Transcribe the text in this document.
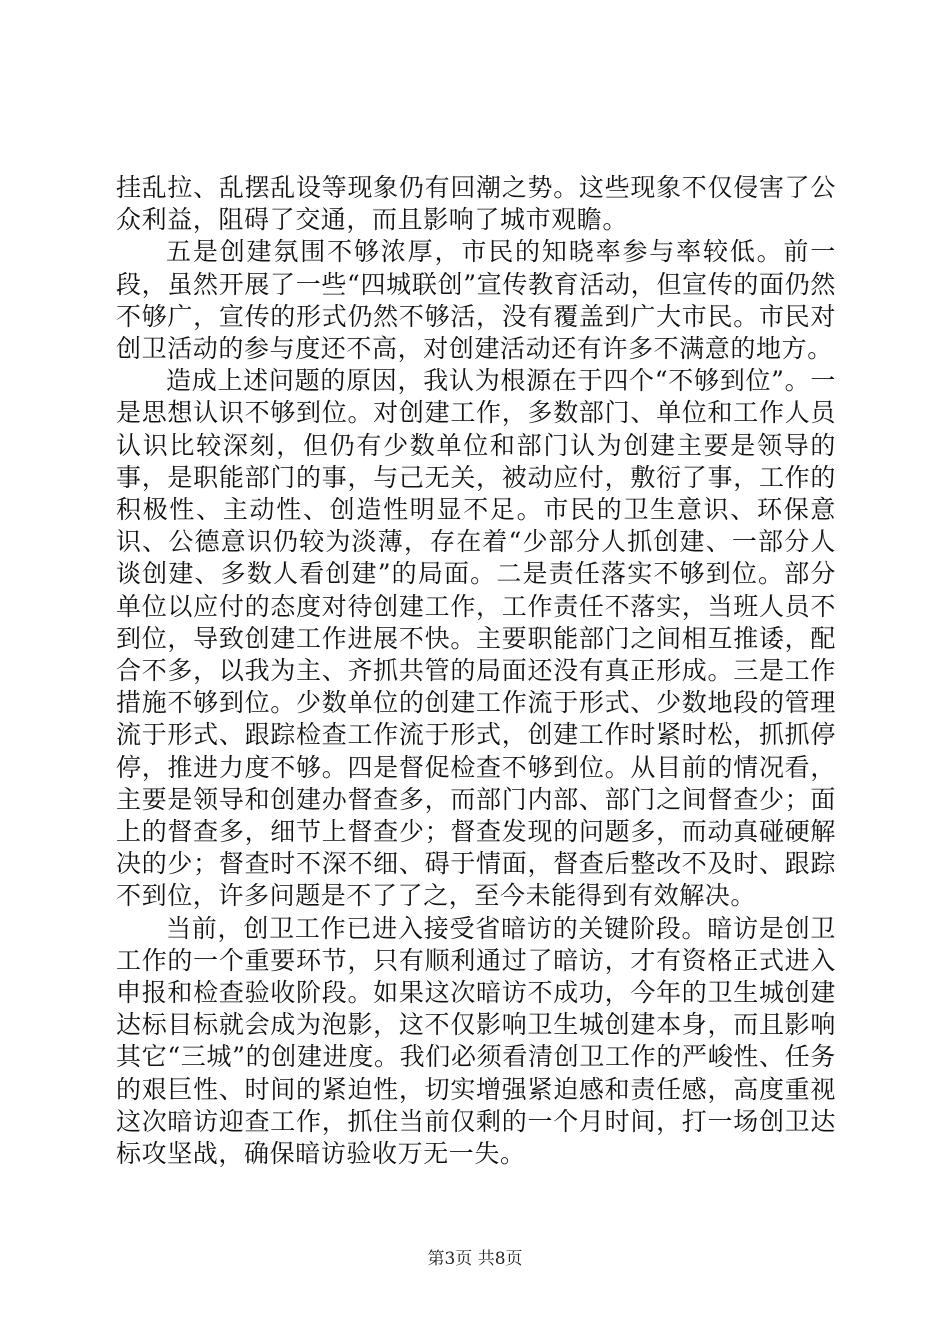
挂乱拉、乱摆乱设等现象仍有回潮之势。这些现象不仅侵害了公众利益，阻碍了交通，而且影响了城市观瞻。

五是创建氛围不够浓厚，市民的知晓率参与率较低。前一段，虽然开展了一些“四城联创”宣传教育活动，但宣传的面仍然不够广，宣传的形式仍然不够活，没有覆盖到广大市民。市民对创卫活动的参与度还不高，对创建活动还有许多不满意的地方。

造成上述问题的原因，我认为根源在于四个“不够到位”。一是思想认识不够到位。对创建工作，多数部门、单位和工作人员认识比较深刻，但仍有少数单位和部门认为创建主要是领导的事，是职能部门的事，与己无关，被动应付，敷衍了事，工作的积极性、主动性、创造性明显不足。市民的卫生意识、环保意识、公德意识仍较为淡薄，存在着“少部分人抓创建、一部分人谈创建、多数人看创建”的局面。二是责任落实不够到位。部分单位以应付的态度对待创建工作，工作责任不落实，当班人员不到位，导致创建工作进展不快。主要职能部门之间相互推诿，配合不多，以我为主、齐抓共管的局面还没有真正形成。三是工作措施不够到位。少数单位的创建工作流于形式、少数地段的管理流于形式、跟踪检查工作流于形式，创建工作时紧时松，抓抓停停，推进力度不够。四是督促检查不够到位。从目前的情况看，主要是领导和创建办督查多，而部门内部、部门之间督查少；面上的督查多，细节上督查少；督查发现的问题多，而动真碰硬解决的少；督查时不深不细、碍于情面，督查后整改不及时、跟踪不到位，许多问题是不了了之，至今未能得到有效解决。

当前，创卫工作已进入接受省暗访的关键阶段。暗访是创卫工作的一个重要环节，只有顺利通过了暗访，才有资格正式进入申报和检查验收阶段。如果这次暗访不成功，今年的卫生城创建达标目标就会成为泡影，这不仅影响卫生城创建本身，而且影响其它“三城”的创建进度。我们必须看清创卫工作的严峻性、任务的艰巨性、时间的紧迫性，切实增强紧迫感和责任感，高度重视这次暗访迎查工作，抓住当前仅剩的一个月时间，打一场创卫达标攻坚战，确保暗访验收万无一失。

第3页 共8页
